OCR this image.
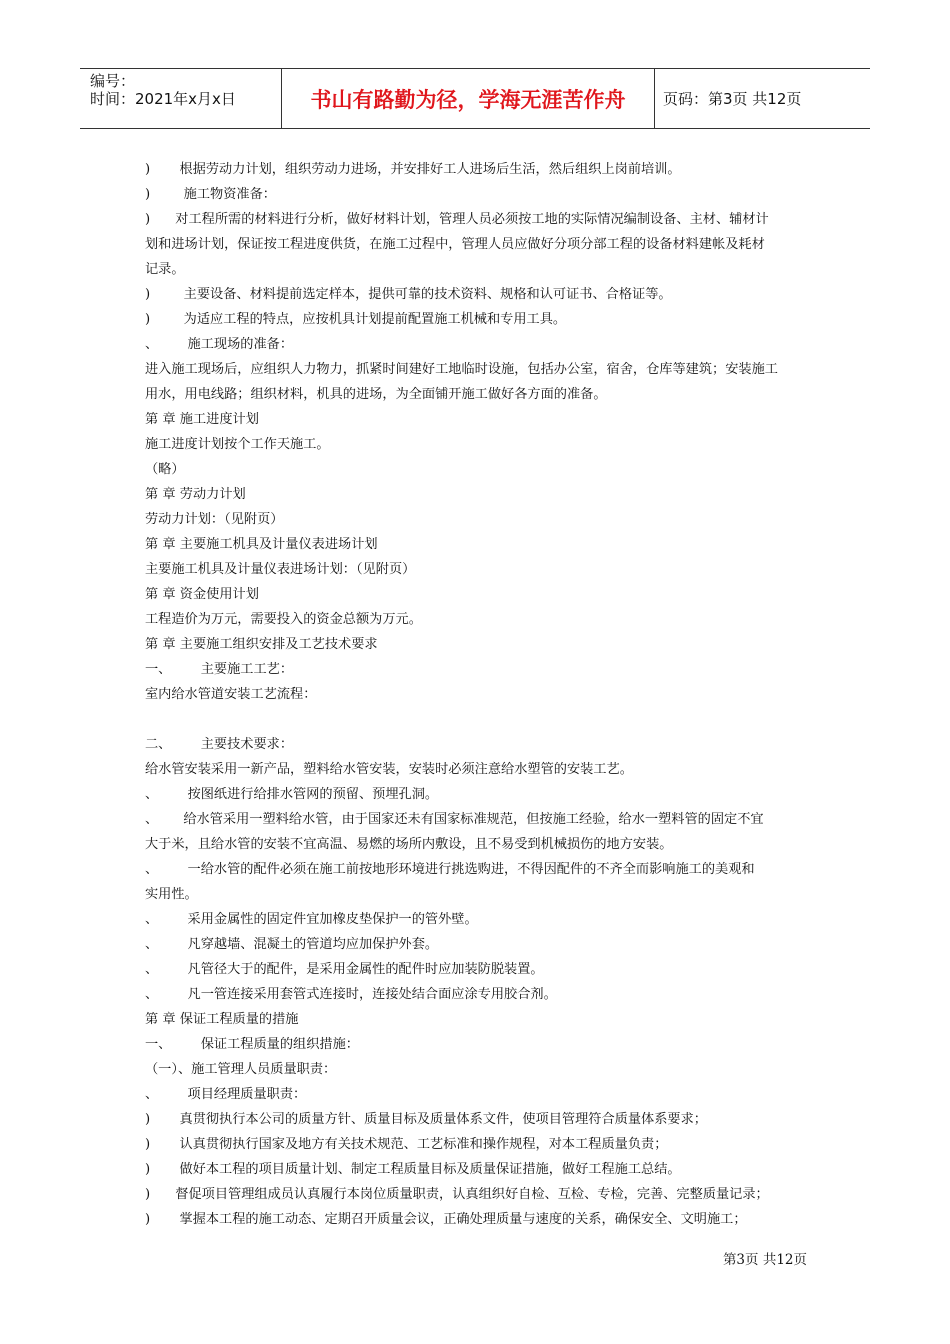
编号：
时间：2021年x月x日	书山有路勤为径，学海无涯苦作舟	页码：第3页 共12页
)       根据劳动力计划，组织劳动力进场，并安排好工人进场后生活，然后组织上岗前培训。
)        施工物资准备：
)      对工程所需的材料进行分析，做好材料计划，管理人员必须按工地的实际情况编制设备、主材、辅材计
划和进场计划，保证按工程进度供货，在施工过程中，管理人员应做好分项分部工程的设备材料建帐及耗材
记录。
)        主要设备、材料提前选定样本，提供可靠的技术资料、规格和认可证书、合格证等。
)        为适应工程的特点，应按机具计划提前配置施工机械和专用工具。
、       施工现场的准备：
进入施工现场后，应组织人力物力，抓紧时间建好工地临时设施，包括办公室，宿舍，仓库等建筑；安装施工
用水，用电线路；组织材料，机具的进场，为全面铺开施工做好各方面的准备。
第 章 施工进度计划
施工进度计划按个工作天施工。
（略）
第 章 劳动力计划
劳动力计划：（见附页）
第 章 主要施工机具及计量仪表进场计划
主要施工机具及计量仪表进场计划：（见附页）
第 章 资金使用计划
工程造价为万元，需要投入的资金总额为万元。
第 章 主要施工组织安排及工艺技术要求
一、       主要施工工艺：
室内给水管道安装工艺流程：
二、       主要技术要求：
给水管安装采用一新产品，塑料给水管安装，安装时必须注意给水塑管的安装工艺。
、       按图纸进行给排水管网的预留、预埋孔洞。
、      给水管采用一塑料给水管，由于国家还未有国家标准规范，但按施工经验，给水一塑料管的固定不宜
大于米，且给水管的安装不宜高温、易燃的场所内敷设，且不易受到机械损伤的地方安装。
、       一给水管的配件必须在施工前按地形环境进行挑选购进，不得因配件的不齐全而影响施工的美观和
实用性。
、       采用金属性的固定件宜加橡皮垫保护一的管外壁。
、       凡穿越墙、混凝土的管道均应加保护外套。
、       凡管径大于的配件，是采用金属性的配件时应加装防脱装置。
、       凡一管连接采用套管式连接时，连接处结合面应涂专用胶合剂。
第 章 保证工程质量的措施
一、       保证工程质量的组织措施：
（一）、施工管理人员质量职责：
、       项目经理质量职责：
)       真贯彻执行本公司的质量方针、质量目标及质量体系文件，使项目管理符合质量体系要求；
)       认真贯彻执行国家及地方有关技术规范、工艺标准和操作规程，对本工程质量负责；
)       做好本工程的项目质量计划、制定工程质量目标及质量保证措施，做好工程施工总结。
)      督促项目管理组成员认真履行本岗位质量职责，认真组织好自检、互检、专检，完善、完整质量记录；
)       掌握本工程的施工动态、定期召开质量会议，正确处理质量与速度的关系，确保安全、文明施工；
第3页 共12页
